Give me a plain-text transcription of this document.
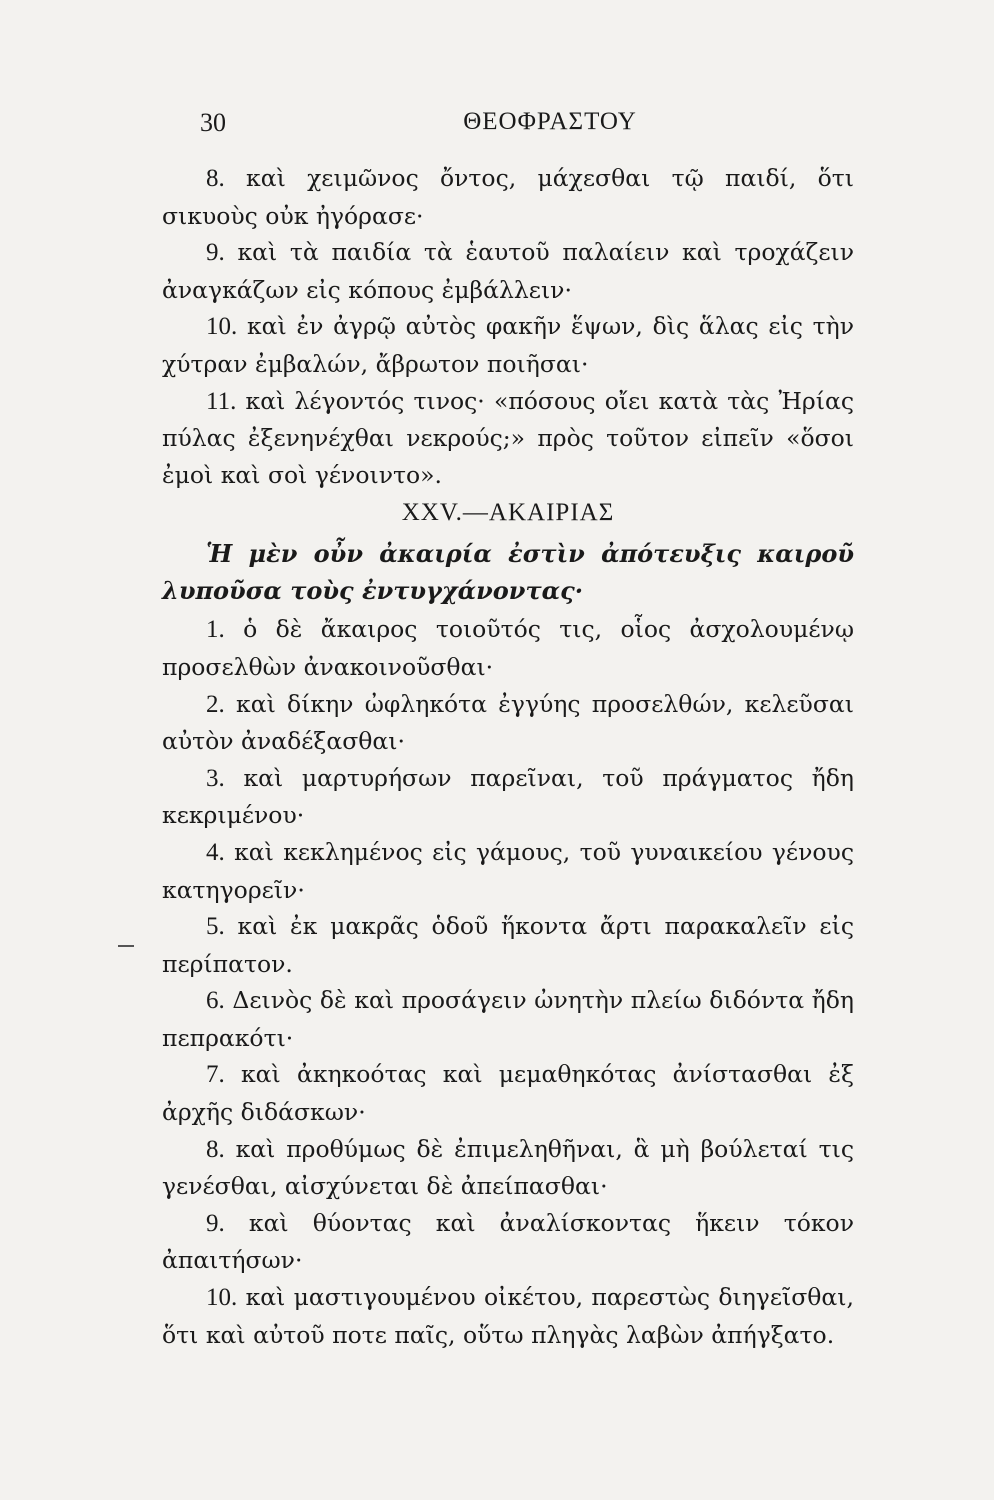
30	ΘΕΟΦΡΑΣΤΟΥ

8. καὶ χειμῶνος ὄντος, μάχεσθαι τῷ παιδί, ὅτι σικυοὺς οὐκ ἠγόρασε·

9. καὶ τὰ παιδία τὰ ἑαυτοῦ παλαίειν καὶ τροχάζειν ἀναγκάζων εἰς κόπους ἐμβάλλειν·

10. καὶ ἐν ἀγρῷ αὐτὸς φακῆν ἕψων, δὶς ἅλας εἰς τὴν χύτραν ἐμβαλών, ἄβρωτον ποιῆσαι·

11. καὶ λέγοντός τινος· «πόσους οἴει κατὰ τὰς Ἠρίας πύλας ἐξενηνέχθαι νεκρούς;» πρὸς τοῦτον εἰπεῖν «ὅσοι ἐμοὶ καὶ σοὶ γένοιντο».

XXV.—ΑΚΑΙΡΙΑΣ

Ἡ μὲν οὖν ἀκαιρία ἐστὶν ἀπότευξις καιροῦ λυποῦσα τοὺς ἐντυγχάνοντας·

1. ὁ δὲ ἄκαιρος τοιοῦτός τις, οἷος ἀσχολουμένῳ προσελθὼν ἀνακοινοῦσθαι·

2. καὶ δίκην ὠφληκότα ἐγγύης προσελθών, κελεῦσαι αὐτὸν ἀναδέξασθαι·

3. καὶ μαρτυρήσων παρεῖναι, τοῦ πράγματος ἤδη κεκριμένου·

4. καὶ κεκλημένος εἰς γάμους, τοῦ γυναικείου γένους κατηγορεῖν·

5. καὶ ἐκ μακρᾶς ὁδοῦ ἥκοντα ἄρτι παρακαλεῖν εἰς περίπατον.

6. Δεινὸς δὲ καὶ προσάγειν ὠνητὴν πλείω διδόντα ἤδη πεπρακότι·

7. καὶ ἀκηκοότας καὶ μεμαθηκότας ἀνίστασθαι ἐξ ἀρχῆς διδάσκων·

8. καὶ προθύμως δὲ ἐπιμεληθῆναι, ἃ μὴ βούλεταί τις γενέσθαι, αἰσχύνεται δὲ ἀπείπασθαι·

9. καὶ θύοντας καὶ ἀναλίσκοντας ἥκειν τόκον ἀπαιτήσων·

10. καὶ μαστιγουμένου οἰκέτου, παρεστὼς διηγεῖσθαι, ὅτι καὶ αὐτοῦ ποτε παῖς, οὕτω πληγὰς λαβὼν ἀπήγξατο.
